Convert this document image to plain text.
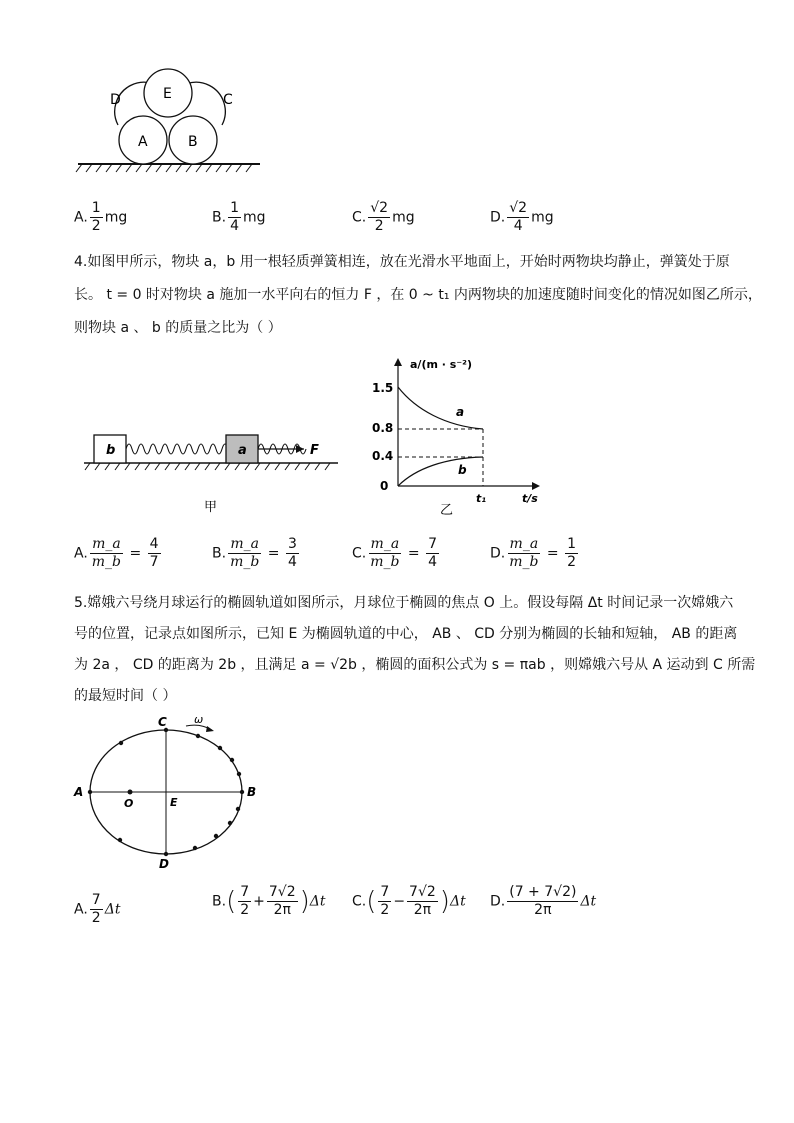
D	E	C
A	B
A. $\frac{1}{2}$ mg	B. $\frac{1}{4}$ mg	C. $\frac{√2}{2}$ mg	D. $\frac{√2}{4}$ mg
4.如图甲所示，物块 a，b 用一根轻质弹簧相连，放在光滑水平地面上，开始时两物块均静止，弹簧处于原
长。 t = 0 时对物块 a 施加一水平向右的恒力 F ，在 0 ~ t₁ 内两物块的加速度随时间变化的情况如图乙所示，
则物块 a 、 b 的质量之比为（ ）
b	a	F
甲
a/(m · s⁻²)
1.5
0.8
0.4
0
a
b
t₁	t/s
乙
A. $\frac{m\_a}{m\_b} = \frac{4}{7}$	B. $\frac{m\_a}{m\_b} = \frac{3}{4}$	C. $\frac{m\_a}{m\_b} = \frac{7}{4}$	D. $\frac{m\_a}{m\_b} = \frac{1}{2}$
5.嫦娥六号绕月球运行的椭圆轨道如图所示，月球位于椭圆的焦点 O 上。假设每隔 Δt 时间记录一次嫦娥六
号的位置，记录点如图所示，已知 E 为椭圆轨道的中心， AB 、 CD 分别为椭圆的长轴和短轴， AB 的距离
为 2a ， CD 的距离为 2b ，且满足 a = √2b ，椭圆的面积公式为 s = πab ，则嫦娥六号从 A 运动到 C 所需
的最短时间（ ）
ω
C
A	B
O	E
D
A. $\frac{7}{2}$ Δt	$B.( \frac{7}{2} + \frac{7√2}{2\pi} )\Delta t$ $C.( \frac{7}{2} - \frac{7√2}{2\pi} )\Delta t$ D. $\frac{(7 + 7√2)}{2\pi}$ Δt
